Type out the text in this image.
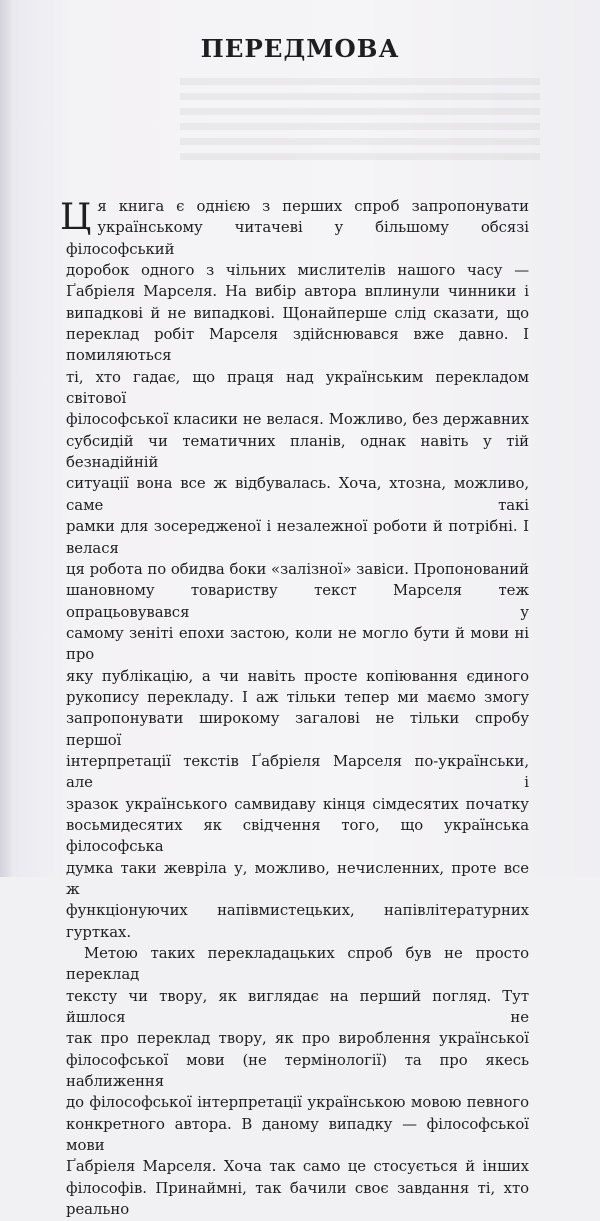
ПЕРЕДМОВА
Ц я книга є однією з перших спроб запропонувати

українському читачеві у більшому обсязі філософський

доробок одного з чільних мислителів нашого часу —

Ґабріеля Марселя. На вибір автора вплинули чинники і

випадкові й не випадкові. Щонайперше слід сказати, що

переклад робіт Марселя здійснювався вже давно. І помиляються

ті, хто гадає, що праця над українським перекладом світової

філософської класики не велася. Можливо, без державних

субсидій чи тематичних планів, однак навіть у тій безнадійній

ситуації вона все ж відбувалась. Хоча, хтозна, можливо, саме такі

рамки для зосередженої і незалежної роботи й потрібні. І велася

ця робота по обидва боки «залізної» завіси. Пропонований

шановному товариству текст Марселя теж опрацьовувався у

самому зеніті епохи застою, коли не могло бути й мови ні про

яку публікацію, а чи навіть просте копіювання єдиного

рукопису перекладу. І аж тільки тепер ми маємо змогу

запропонувати широкому загалові не тільки спробу першої

інтерпретації текстів Ґабріеля Марселя по-українськи, але і

зразок українського самвидаву кінця сімдесятих початку

восьмидесятих як свідчення того, що українська філософська

думка таки жевріла у, можливо, нечисленних, проте все ж

функціонуючих напівмистецьких, напівлітературних гуртках.

Метою таких перекладацьких спроб був не просто переклад

тексту чи твору, як виглядає на перший погляд. Тут йшлося не

так про переклад твору, як про вироблення української

філософської мови (не термінології) та про якесь наближення

до філософської інтерпретації українською мовою певного

конкретного автора. В даному випадку — філософської мови

Ґабріеля Марселя. Хоча так само це стосується й інших

філософів. Принаймні, так бачили своє завдання ті, хто реально
